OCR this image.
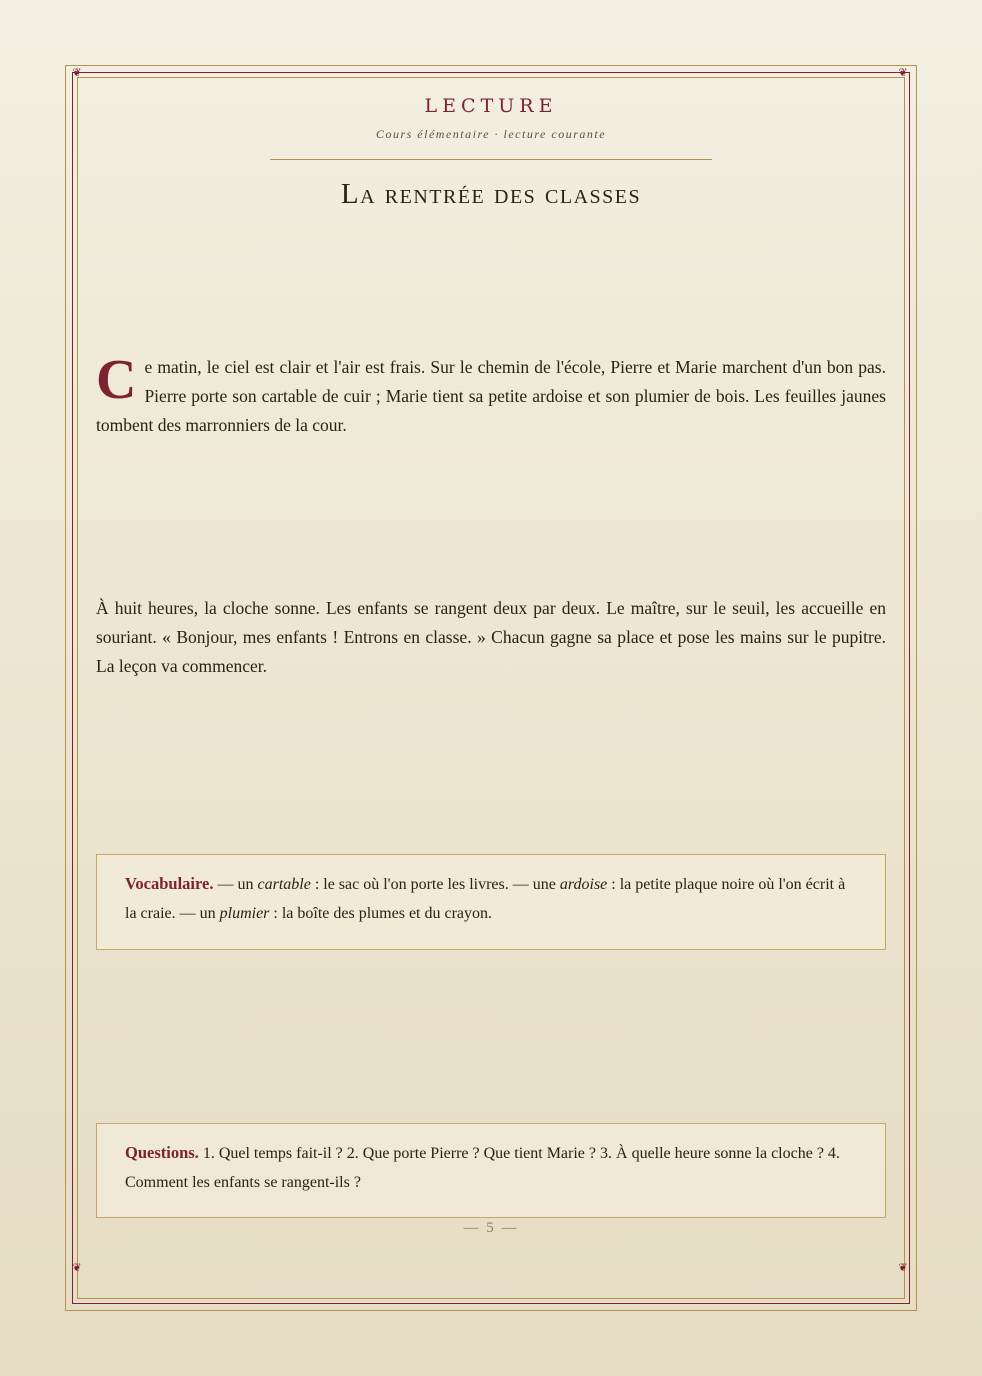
❦	❦
❦	❦
LECTURE
Cours élémentaire · lecture courante
La rentrée des classes

Ce matin, le ciel est clair et l'air est frais. Sur le chemin de l'école, Pierre et Marie marchent d'un bon pas. Pierre porte son cartable de cuir ; Marie tient sa petite ardoise et son plumier de bois. Les feuilles jaunes tombent des marronniers de la cour.

À huit heures, la cloche sonne. Les enfants se rangent deux par deux. Le maître, sur le seuil, les accueille en souriant. « Bonjour, mes enfants ! Entrons en classe. » Chacun gagne sa place et pose les mains sur le pupitre. La leçon va commencer.

Vocabulaire. — un cartable : le sac où l'on porte les livres. — une ardoise : la petite plaque noire où l'on écrit à la craie. — un plumier : la boîte des plumes et du crayon.
Questions. 1. Quel temps fait-il ? 2. Que porte Pierre ? Que tient Marie ? 3. À quelle heure sonne la cloche ? 4. Comment les enfants se rangent-ils ?
— 5 —
